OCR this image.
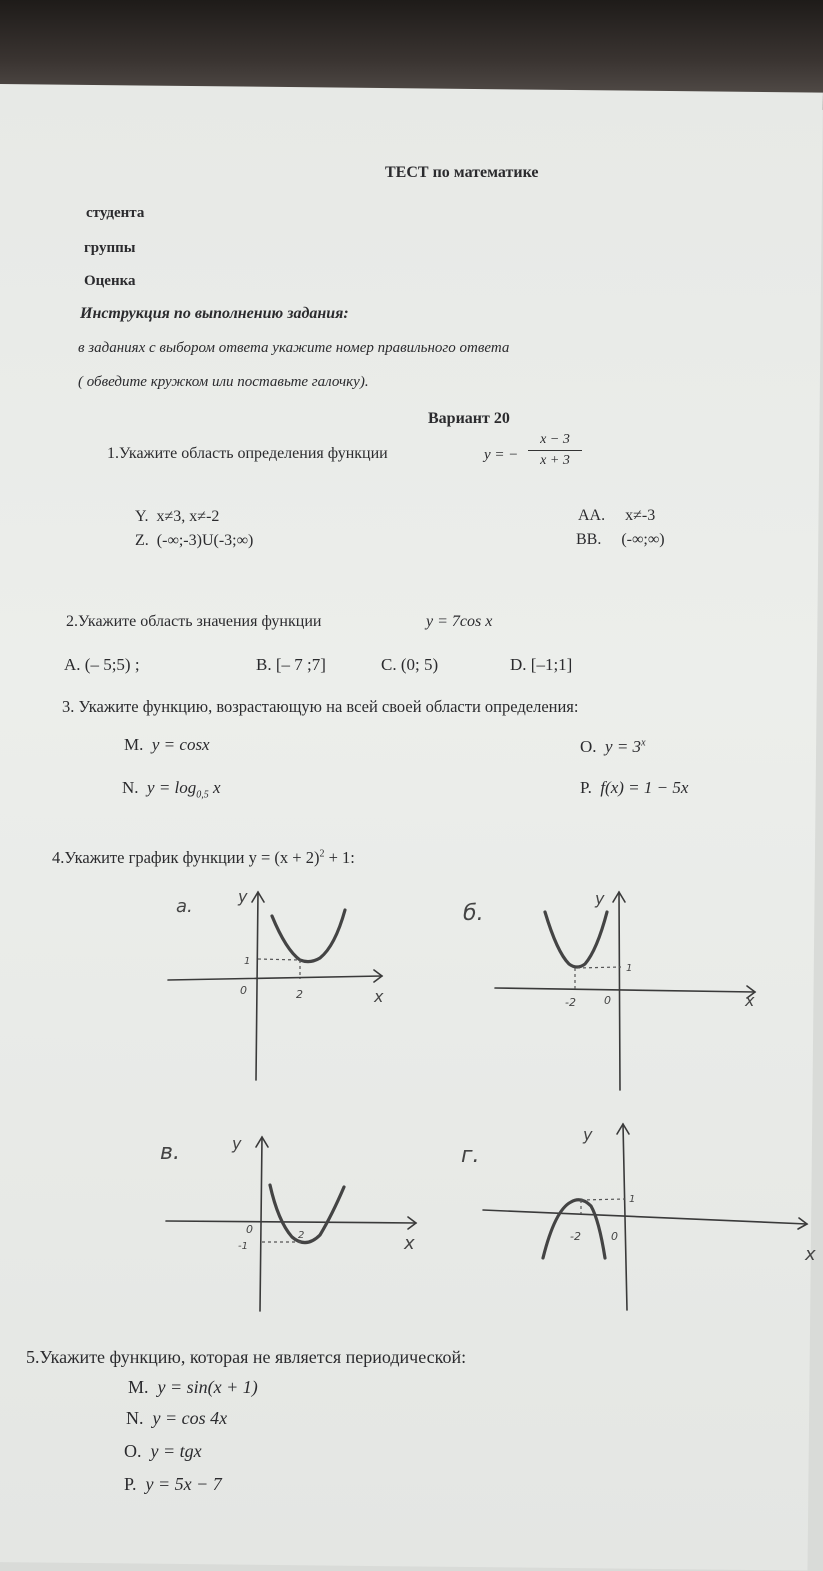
ТЕСТ по математике
студента
группы
Оценка
Инструкция по выполнению задания:
в заданиях с выбором ответа укажите номер правильного ответа
( обведите кружком или поставьте галочку).
Вариант 20
1.Укажите область определения функции	y = −
x − 3
x + 3
Y. x≠3, x≠-2
Z. (-∞;-3)U(-3;∞)
AA. x≠-3
BB. (-∞;∞)
2.Укажите область значения функции	y = 7cos x
A. (– 5;5) ;	B. [– 7 ;7]	C. (0; 5)	D. [–1;1]
3. Укажите функцию, возрастающую на всей своей области определения:
M. y = cosx
N. $y = \log_{0,5} x$
O. $y = 3^x$
P. f(x) = 1 − 5x
4.Укажите график функции $y = (x + 2)^2 + 1$:
а.	y
x
0
1
2
б.
y
x
0
1
-2
в.	y
x
0
-1
2
г.
y
x
0
1
-2
5.Укажите функцию, которая не является периодической:
M. y = sin(x + 1)
N. y = cos 4x
O. y = tgx
P. y = 5x − 7
